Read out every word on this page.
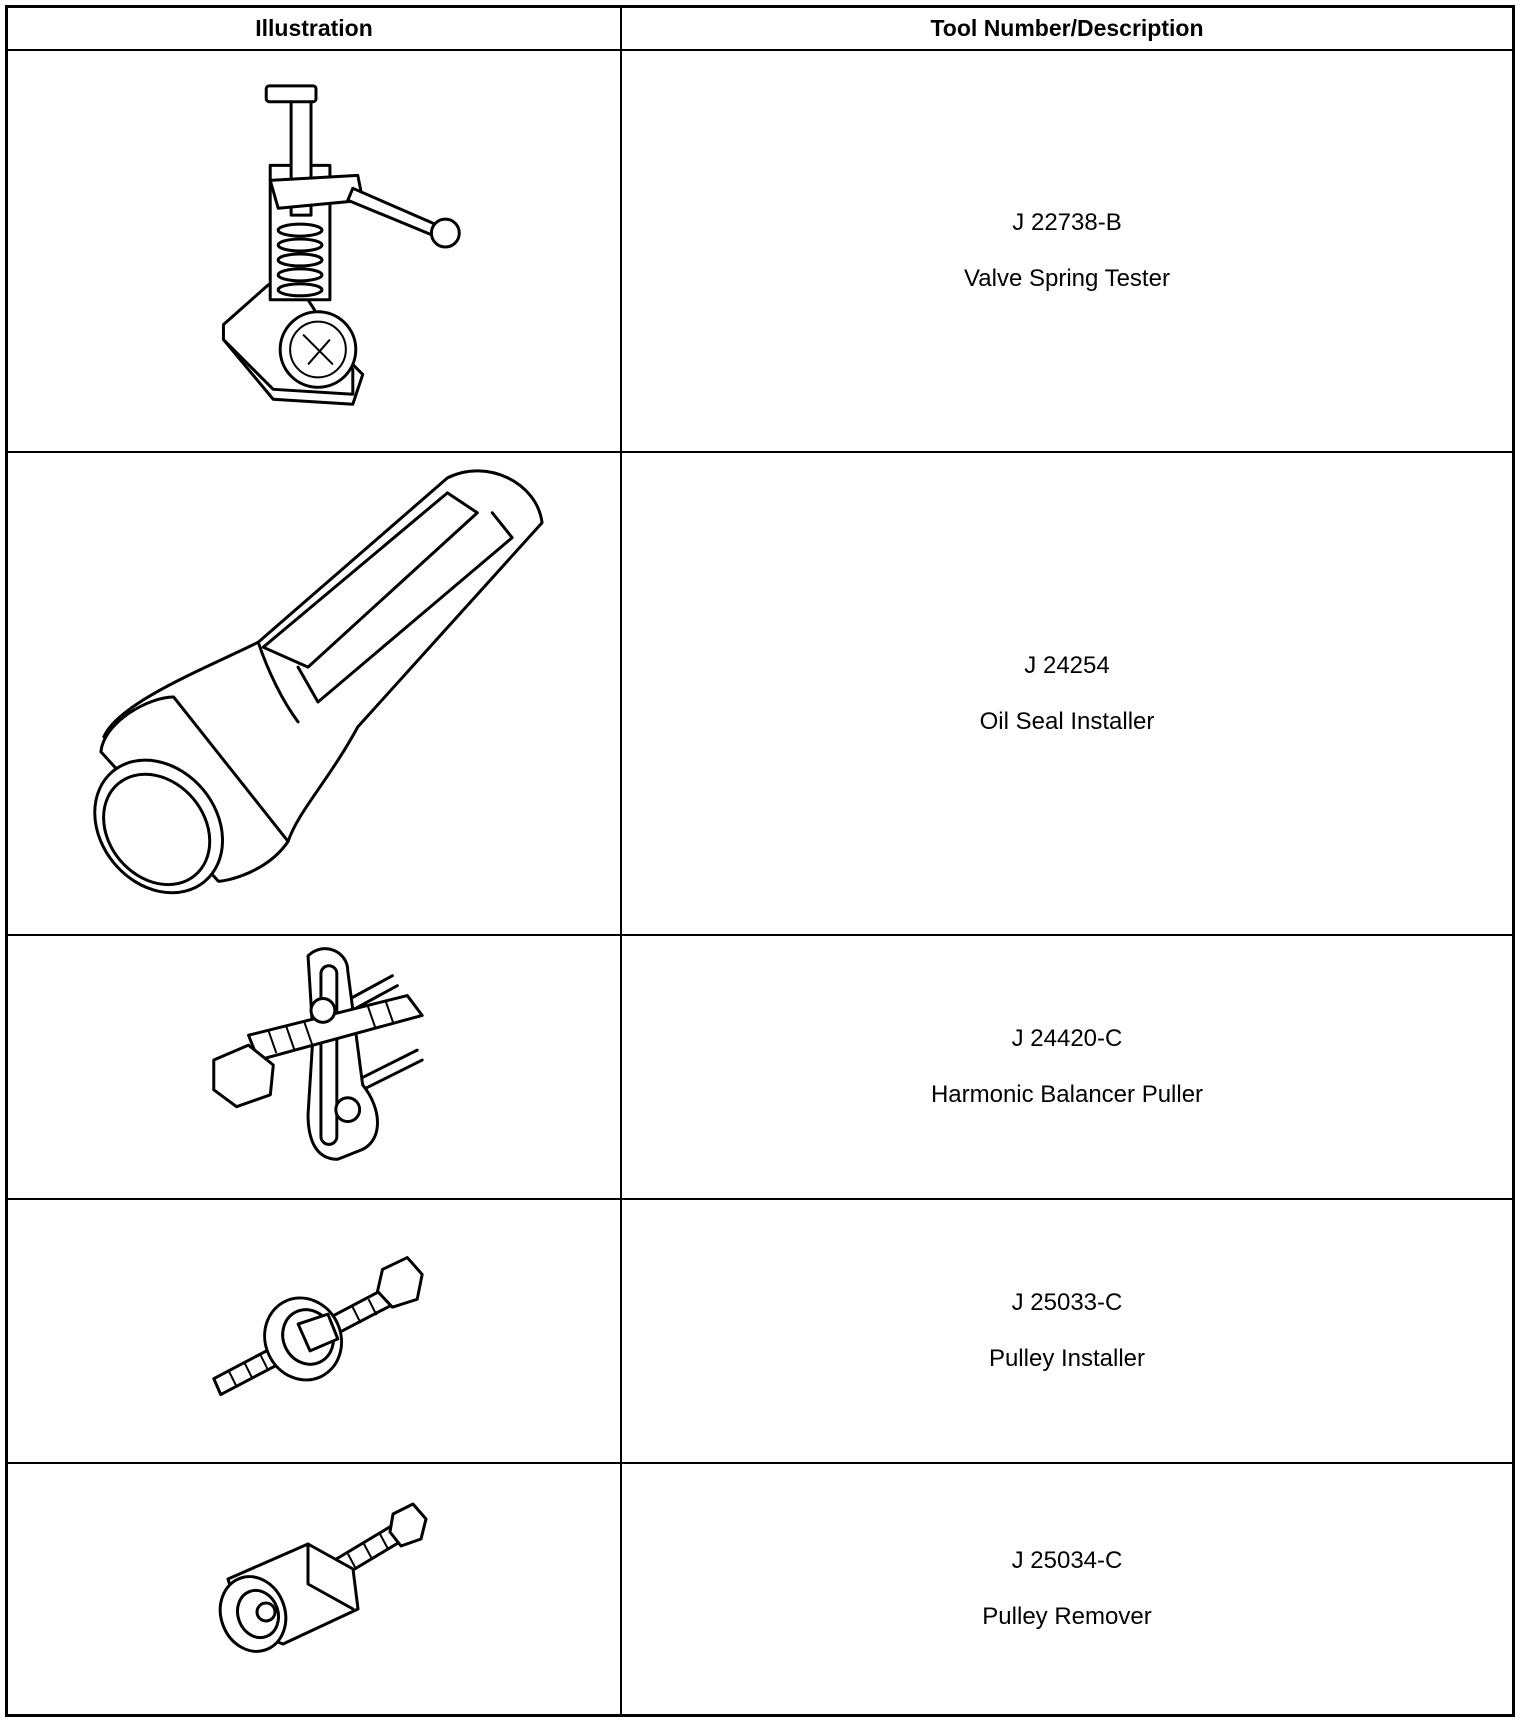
Illustration	Tool Number/Description
J 22738-B
Valve Spring Tester
J 24254
Oil Seal Installer
J 24420-C
Harmonic Balancer Puller
J 25033-C
Pulley Installer
J 25034-C
Pulley Remover
